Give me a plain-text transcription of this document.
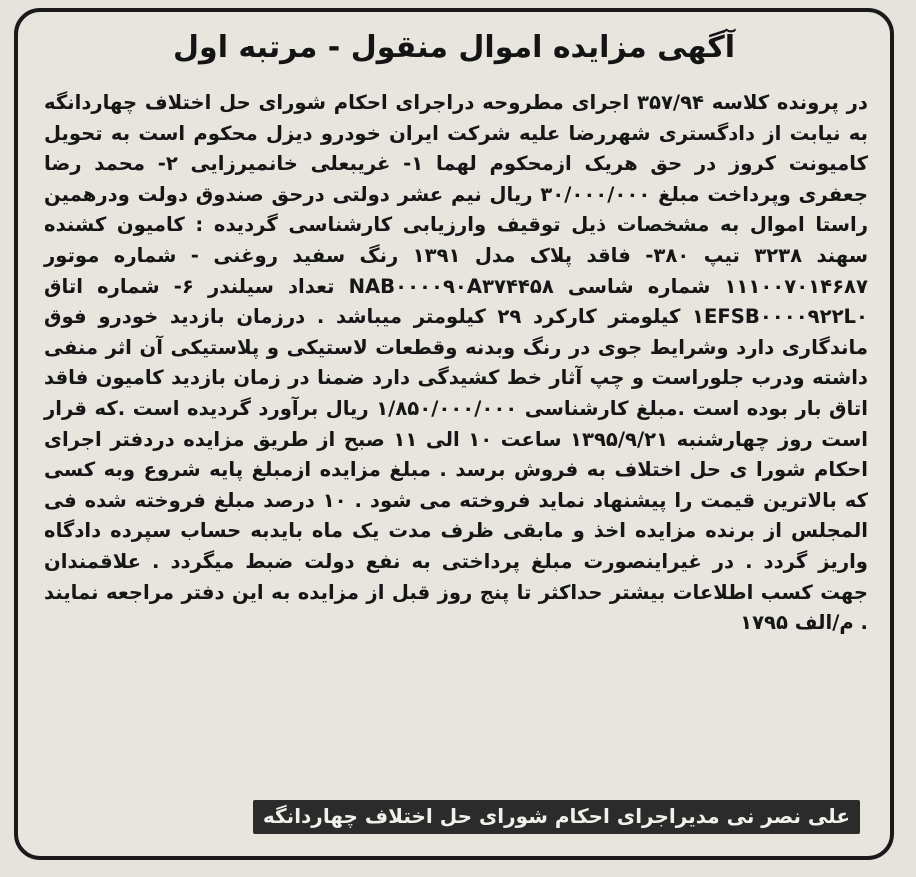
آگهی مزایده اموال منقول - مرتبه اول
در پرونده کلاسه ۳۵۷/۹۴ اجرای مطروحه دراجرای احکام شورای حل اختلاف چهاردانگه به نیابت از دادگستری شهررضا علیه شرکت ایران خودرو دیزل محکوم است به تحویل کامیونت کروز در حق هریک ازمحکوم لهما ۱- غریبعلی خانمیرزایی ۲- محمد رضا جعفری وپرداخت مبلغ ۳۰/۰۰۰/۰۰۰ ریال نیم عشر دولتی درحق صندوق دولت ودرهمین راستا اموال به مشخصات ذیل توقیف وارزیابی کارشناسی گردیده : کامیون کشنده سهند ۳۲۳۸ تیپ ۳۸۰- فاقد پلاک مدل ۱۳۹۱ رنگ سفید روغنی - شماره موتور ۱۱۱۰۰۷۰۱۴۶۸۷ شماره شاسی NAB۰۰۰۰۹۰A۳۷۴۴۵۸ تعداد سیلندر ۶- شماره اتاق ۱EFSB۰۰۰۰۹۲۲L۰ کیلومتر کارکرد ۲۹ کیلومتر میباشد . درزمان بازدید خودرو فوق ماندگاری دارد وشرایط جوی در رنگ وبدنه وقطعات لاستیکی و پلاستیکی آن اثر منفی داشته ودرب جلوراست و چپ آثار خط کشیدگی دارد ضمنا در زمان بازدید کامیون فاقد اتاق بار بوده است .مبلغ کارشناسی ۱/۸۵۰/۰۰۰/۰۰۰ ریال برآورد گردیده است .که قرار است روز چهارشنبه ۱۳۹۵/۹/۲۱ ساعت ۱۰ الی ۱۱ صبح از طریق مزایده دردفتر اجرای احکام شورا ی حل اختلاف به فروش برسد . مبلغ مزایده ازمبلغ پایه شروع وبه کسی که بالاترین قیمت را پیشنهاد نماید فروخته می شود . ۱۰ درصد مبلغ فروخته شده فی المجلس از برنده مزایده اخذ و مابقی ظرف مدت یک ماه بایدبه حساب سپرده دادگاه واریز گردد . در غیراینصورت مبلغ پرداختی به نفع دولت ضبط میگردد . علاقمندان جهت کسب اطلاعات بیشتر حداکثر تا پنج روز قبل از مزایده به این دفتر مراجعه نمایند . م/الف ۱۷۹۵
علی نصر نی مدیراجرای احکام شورای حل اختلاف چهاردانگه
